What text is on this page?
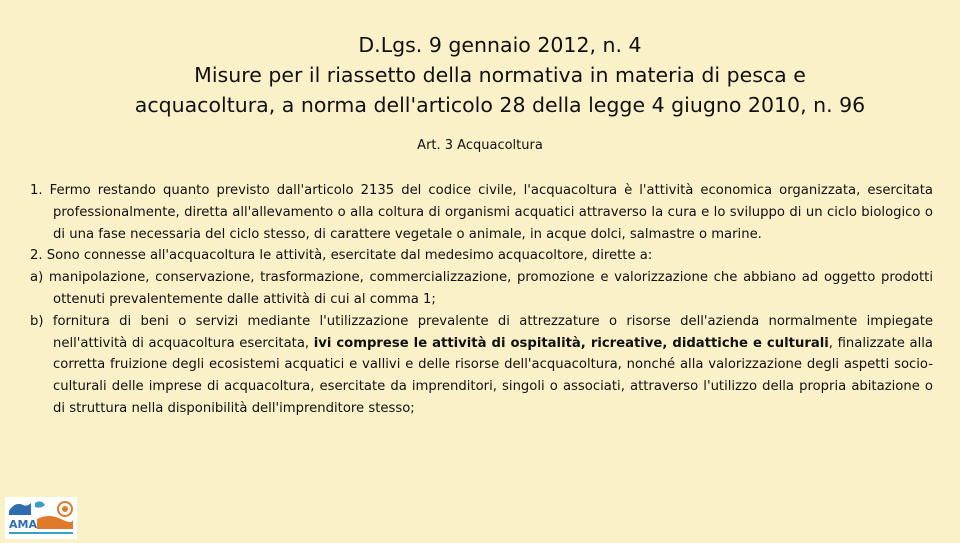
D.Lgs. 9 gennaio 2012, n. 4
Misure per il riassetto della normativa in materia di pesca e
acquacoltura, a norma dell'articolo 28 della legge 4 giugno 2010, n. 96
Art. 3 Acquacoltura

1. Fermo restando quanto previsto dall'articolo 2135 del codice civile, l'acquacoltura è l'attività economica organizzata, esercitata professionalmente, diretta all'allevamento o alla coltura di organismi acquatici attraverso la cura e lo sviluppo di un ciclo biologico o di una fase necessaria del ciclo stesso, di carattere vegetale o animale, in acque dolci, salmastre o marine.

2. Sono connesse all'acquacoltura le attività, esercitate dal medesimo acquacoltore, dirette a:

a) manipolazione, conservazione, trasformazione, commercializzazione, promozione e valorizzazione che abbiano ad oggetto prodotti ottenuti prevalentemente dalle attività di cui al comma 1;

b) fornitura di beni o servizi mediante l'utilizzazione prevalente di attrezzature o risorse dell'azienda normalmente impiegate nell'attività di acquacoltura esercitata, ivi comprese le attività di ospitalità, ricreative, didattiche e culturali, finalizzate alla corretta fruizione degli ecosistemi acquatici e vallivi e delle risorse dell'acquacoltura, nonché alla valorizzazione degli aspetti socio-culturali delle imprese di acquacoltura, esercitate da imprenditori, singoli o associati, attraverso l'utilizzo della propria abitazione o di struttura nella disponibilità dell'imprenditore stesso;

AMA
